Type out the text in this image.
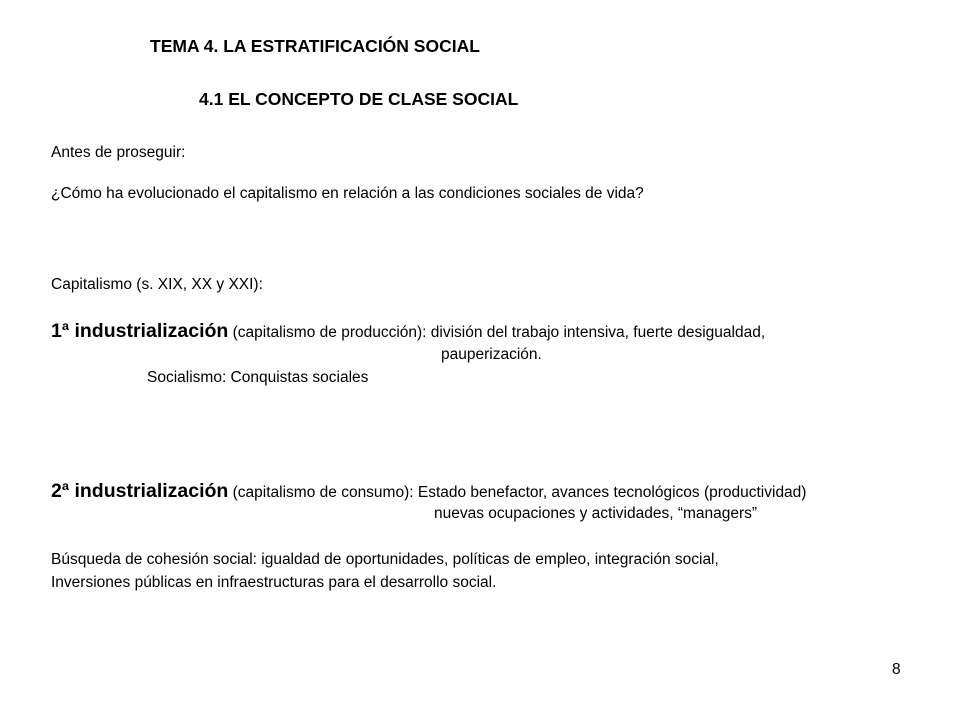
TEMA 4. LA ESTRATIFICACIÓN SOCIAL
4.1 EL CONCEPTO DE CLASE SOCIAL
Antes de proseguir:
¿Cómo ha evolucionado el capitalismo en relación a las condiciones sociales de vida?
Capitalismo (s. XIX, XX y XXI):
1ª industrialización (capitalismo de producción): división del trabajo intensiva, fuerte desigualdad,
pauperización.
Socialismo: Conquistas sociales
2ª industrialización (capitalismo de consumo): Estado benefactor, avances tecnológicos (productividad)
nuevas ocupaciones y actividades, “managers”
Búsqueda de cohesión social: igualdad de oportunidades, políticas de empleo, integración social,
Inversiones públicas en infraestructuras para el desarrollo social.
8
